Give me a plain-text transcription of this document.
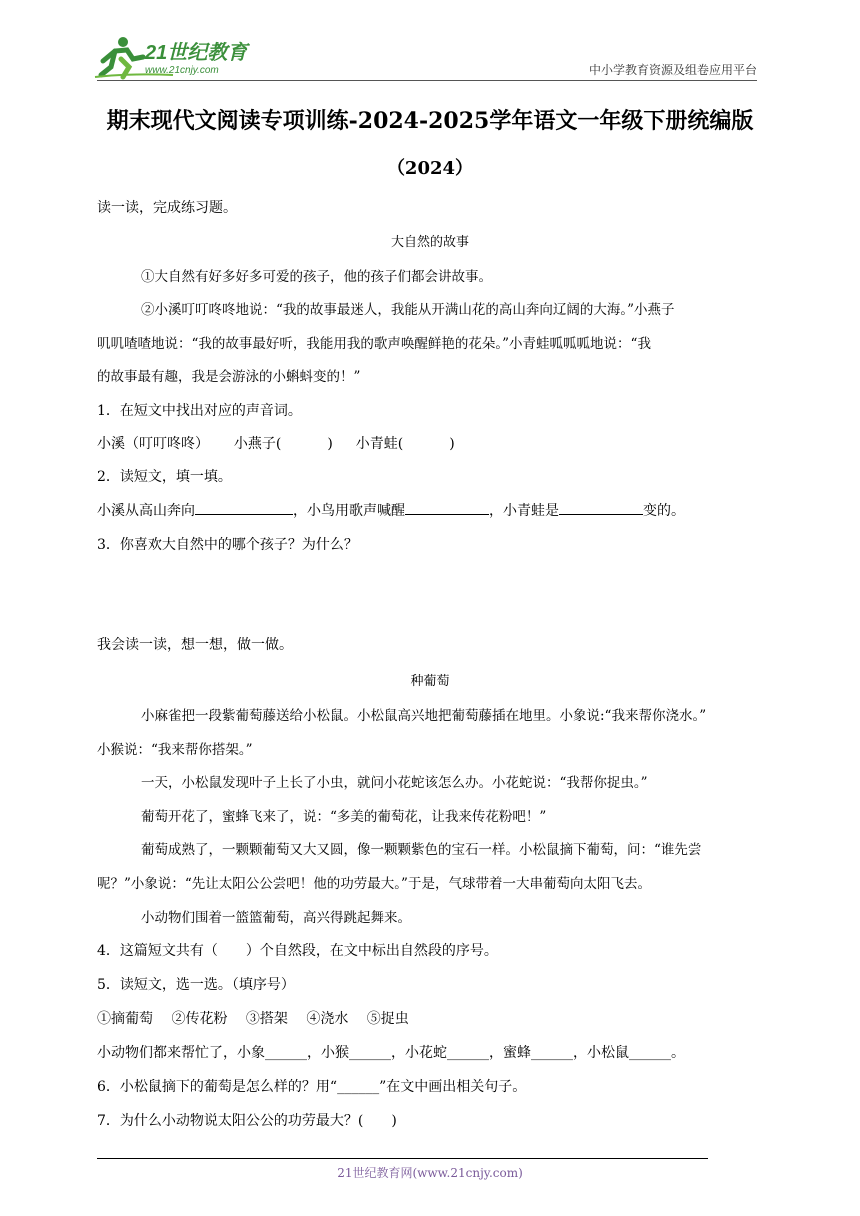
21世纪教育
www.21cnjy.com	中小学教育资源及组卷应用平台
期末现代文阅读专项训练-2024-2025学年语文一年级下册统编版
（2024）
读一读，完成练习题。
大自然的故事
①大自然有好多好多可爱的孩子，他的孩子们都会讲故事。
②小溪叮叮咚咚地说：“我的故事最迷人，我能从开满山花的高山奔向辽阔的大海。”小燕子
叽叽喳喳地说：“我的故事最好听，我能用我的歌声唤醒鲜艳的花朵。”小青蛙呱呱呱地说：“我
的故事最有趣，我是会游泳的小蝌蚪变的！”
1．在短文中找出对应的声音词。
小溪（叮叮咚咚） 小燕子(	) 小青蛙(	)
2．读短文，填一填。
小溪从高山奔向	，小鸟用歌声喊醒	，小青蛙是	变的。
3．你喜欢大自然中的哪个孩子？为什么？
我会读一读，想一想，做一做。
种葡萄
小麻雀把一段紫葡萄藤送给小松鼠。小松鼠高兴地把葡萄藤插在地里。小象说:“我来帮你浇水。”
小猴说：“我来帮你搭架。”
一天，小松鼠发现叶子上长了小虫，就问小花蛇该怎么办。小花蛇说：“我帮你捉虫。”
葡萄开花了，蜜蜂飞来了，说：“多美的葡萄花，让我来传花粉吧！”
葡萄成熟了，一颗颗葡萄又大又圆，像一颗颗紫色的宝石一样。小松鼠摘下葡萄，问：“谁先尝
呢？”小象说：“先让太阳公公尝吧！他的功劳最大。”于是，气球带着一大串葡萄向太阳飞去。
小动物们围着一篮篮葡萄，高兴得跳起舞来。
4．这篇短文共有（　　）个自然段，在文中标出自然段的序号。
5．读短文，选一选。（填序号）
①摘葡萄　 ②传花粉　 ③搭架　 ④浇水　 ⑤捉虫
小动物们都来帮忙了，小象______，小猴______，小花蛇______，蜜蜂______，小松鼠______。
6．小松鼠摘下的葡萄是怎么样的？用“______”在文中画出相关句子。
7．为什么小动物说太阳公公的功劳最大？(　　)
21世纪教育网(www.21cnjy.com)
